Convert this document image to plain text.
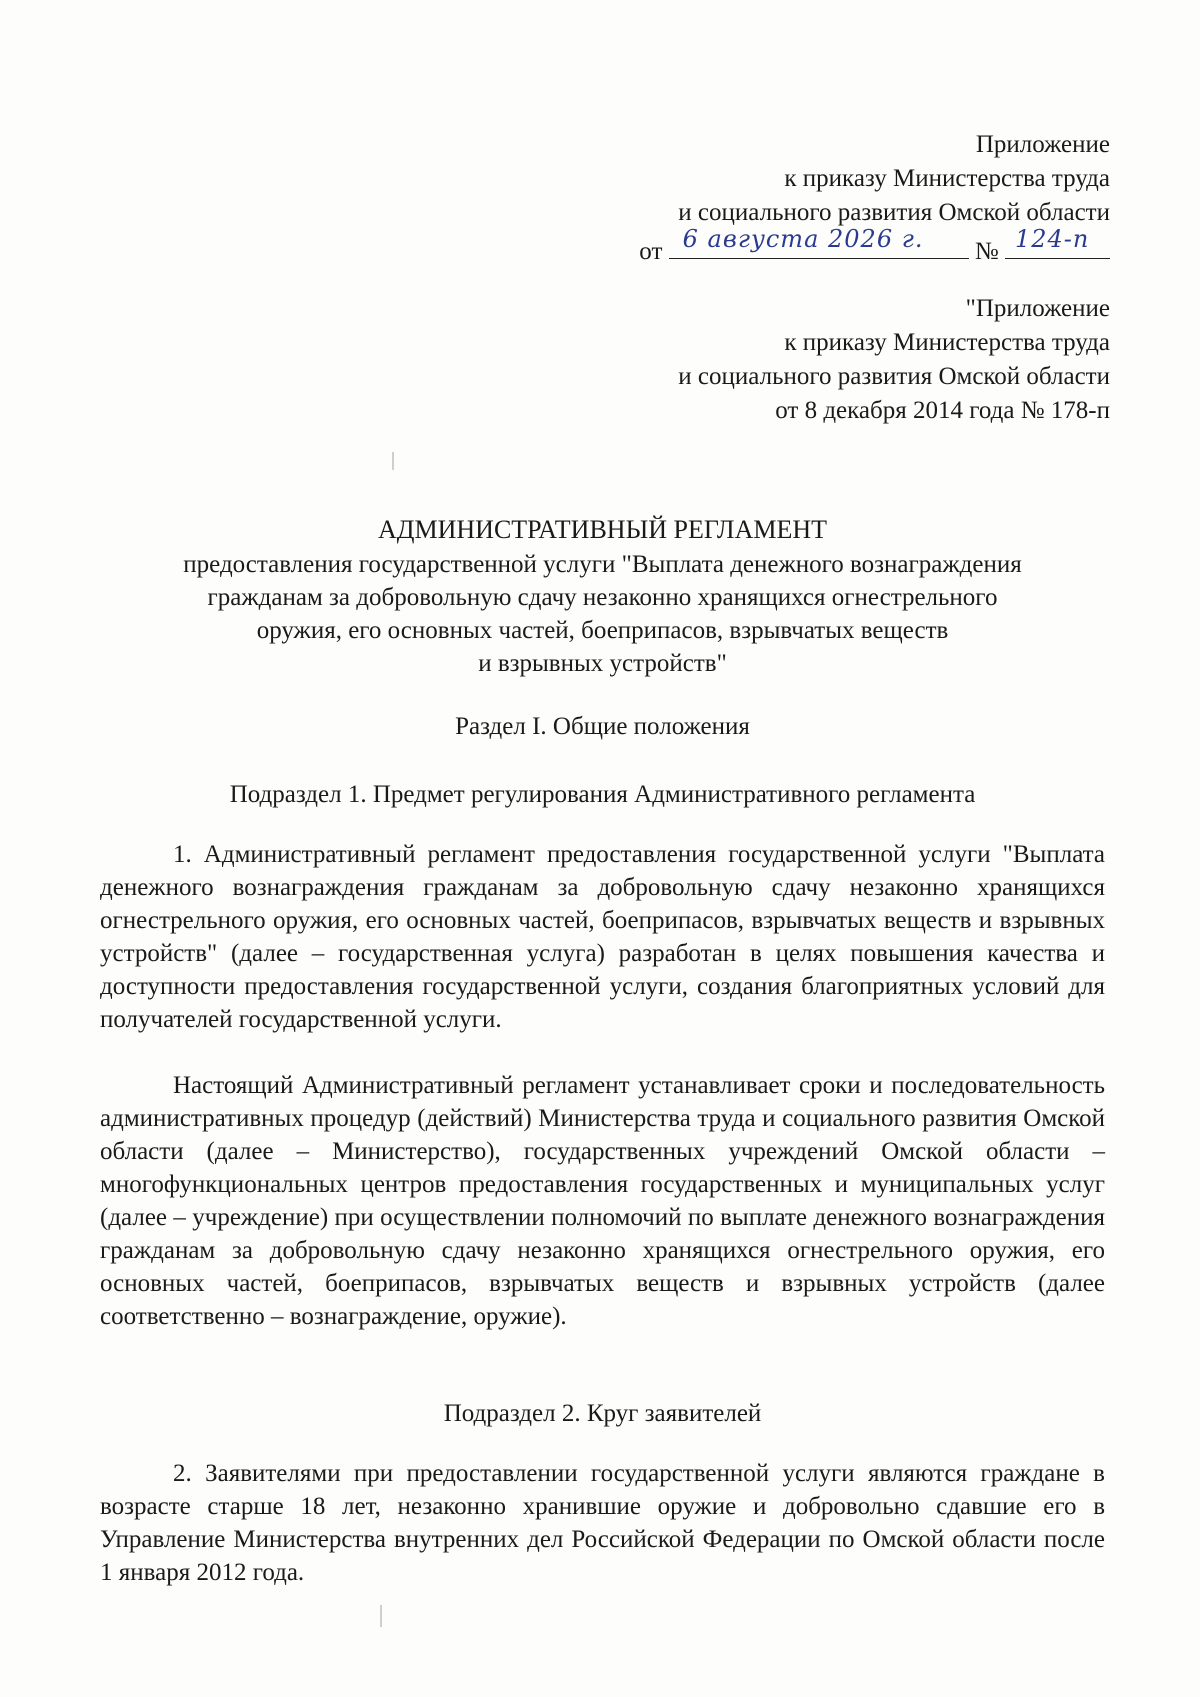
Приложение
к приказу Министерства труда
и социального развития Омской области
от 6 августа 2026 г. № 124-п
"Приложение
к приказу Министерства труда
и социального развития Омской области
от 8 декабря 2014 года № 178-п
АДМИНИСТРАТИВНЫЙ РЕГЛАМЕНТ
предоставления государственной услуги "Выплата денежного вознаграждения
гражданам за добровольную сдачу незаконно хранящихся огнестрельного
оружия, его основных частей, боеприпасов, взрывчатых веществ
и взрывных устройств"
Раздел I. Общие положения
Подраздел 1. Предмет регулирования Административного регламента

1. Административный регламент предоставления государственной услуги "Выплата денежного вознаграждения гражданам за добровольную сдачу незаконно хранящихся огнестрельного оружия, его основных частей, боеприпасов, взрывчатых веществ и взрывных устройств" (далее – государственная услуга) разработан в целях повышения качества и доступности предоставления государственной услуги, создания благоприятных условий для получателей государственной услуги.

Настоящий Административный регламент устанавливает сроки и последовательность административных процедур (действий) Министерства труда и социального развития Омской области (далее – Министерство), государственных учреждений Омской области – многофункциональных центров предоставления государственных и муниципальных услуг (далее – учреждение) при осуществлении полномочий по выплате денежного вознаграждения гражданам за добровольную сдачу незаконно хранящихся огнестрельного оружия, его основных частей, боеприпасов, взрывчатых веществ и взрывных устройств (далее соответственно – вознаграждение, оружие).

Подраздел 2. Круг заявителей

2. Заявителями при предоставлении государственной услуги являются граждане в возрасте старше 18 лет, незаконно хранившие оружие и добровольно сдавшие его в Управление Министерства внутренних дел Российской Федерации по Омской области после 1 января 2012 года.
